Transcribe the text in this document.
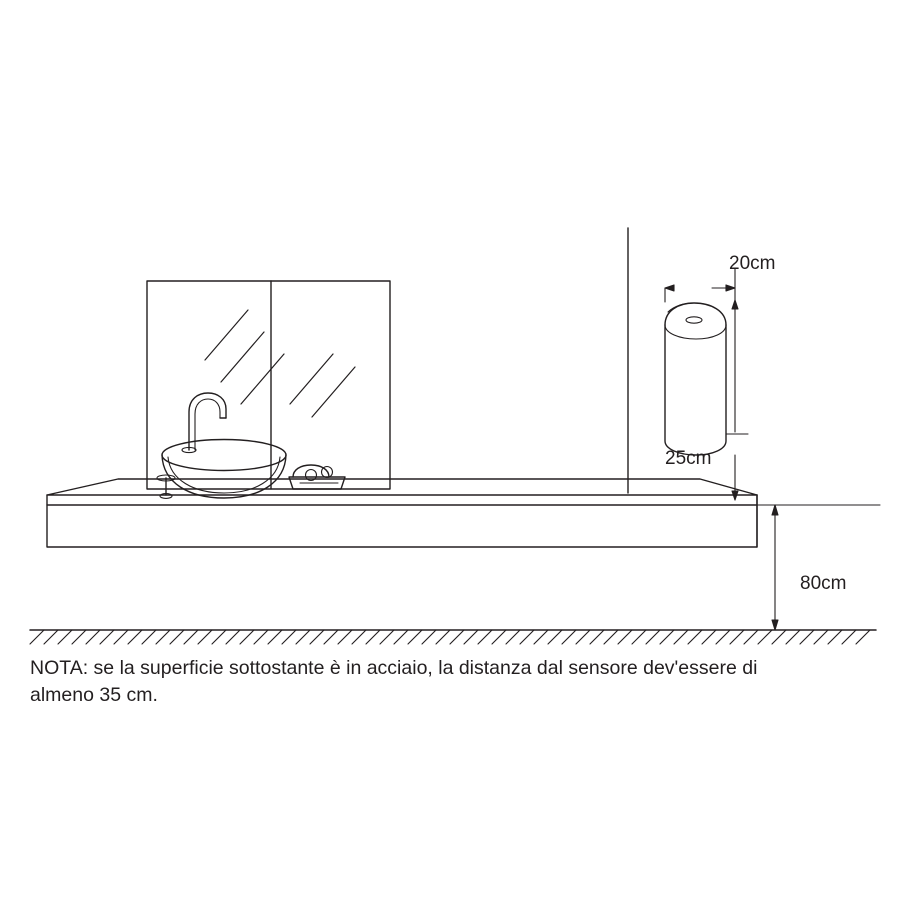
20cm
25cm
80cm
NOTA: se la superficie sottostante è in acciaio, la distanza dal sensore dev'essere di almeno 35 cm.
